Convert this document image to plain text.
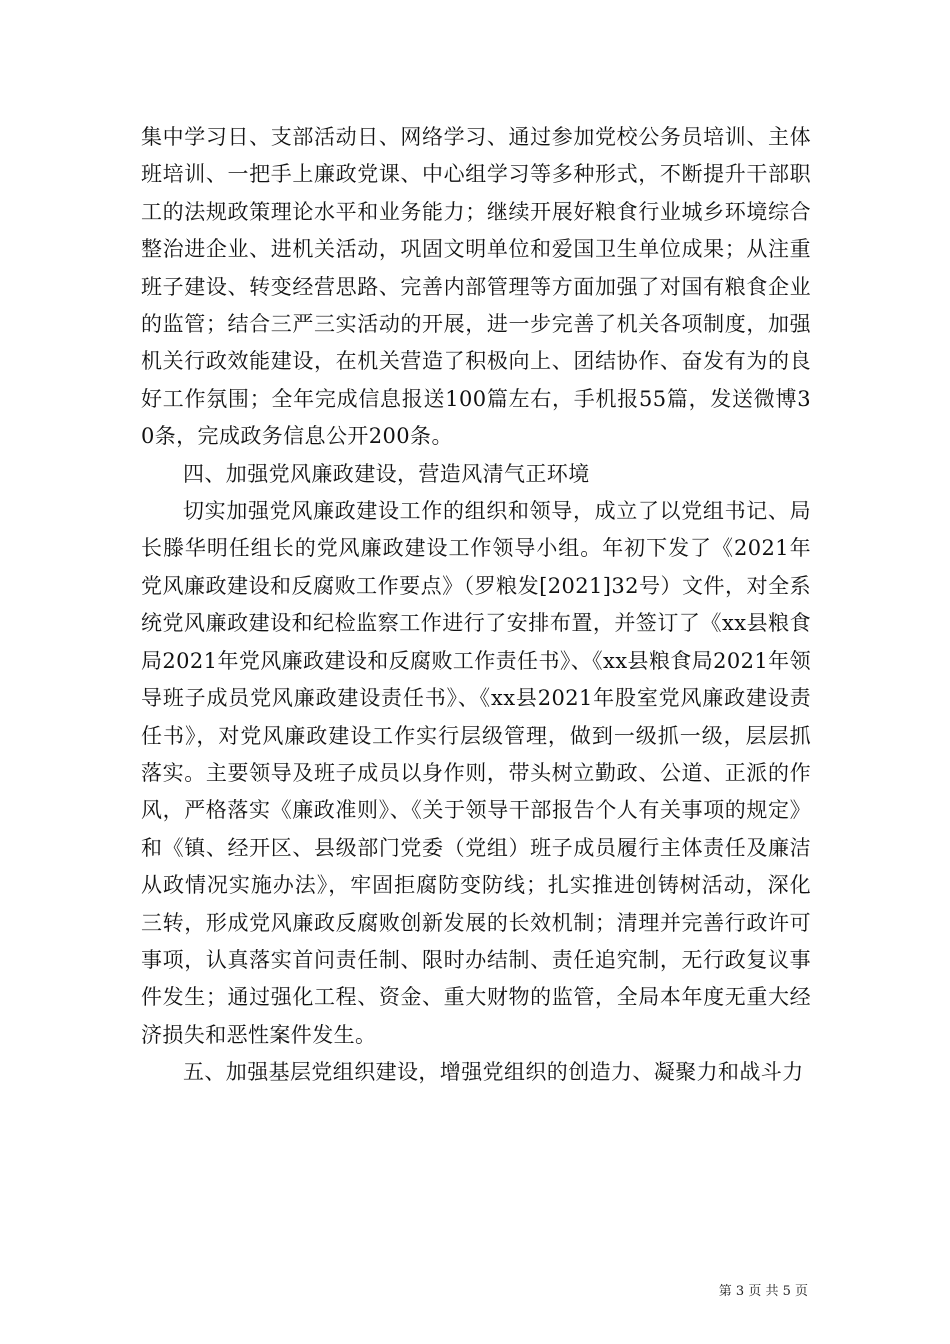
集中学习日、支部活动日、网络学习、通过参加党校公务员培训、主体班培训、一把手上廉政党课、中心组学习等多种形式，不断提升干部职工的法规政策理论水平和业务能力；继续开展好粮食行业城乡环境综合整治进企业、进机关活动，巩固文明单位和爱国卫生单位成果；从注重班子建设、转变经营思路、完善内部管理等方面加强了对国有粮食企业的监管；结合三严三实活动的开展，进一步完善了机关各项制度，加强机关行政效能建设，在机关营造了积极向上、团结协作、奋发有为的良好工作氛围；全年完成信息报送100篇左右，手机报55篇，发送微博30条，完成政务信息公开200条。

四、加强党风廉政建设，营造风清气正环境

切实加强党风廉政建设工作的组织和领导，成立了以党组书记、局长滕华明任组长的党风廉政建设工作领导小组。年初下发了《2021年党风廉政建设和反腐败工作要点》（罗粮发[2021]32号）文件，对全系统党风廉政建设和纪检监察工作进行了安排布置，并签订了《xx县粮食局2021年党风廉政建设和反腐败工作责任书》、《xx县粮食局2021年领导班子成员党风廉政建设责任书》、《xx县2021年股室党风廉政建设责任书》，对党风廉政建设工作实行层级管理，做到一级抓一级，层层抓落实。主要领导及班子成员以身作则，带头树立勤政、公道、正派的作风，严格落实《廉政准则》、《关于领导干部报告个人有关事项的规定》和《镇、经开区、县级部门党委（党组）班子成员履行主体责任及廉洁从政情况实施办法》，牢固拒腐防变防线；扎实推进创铸树活动，深化三转，形成党风廉政反腐败创新发展的长效机制；清理并完善行政许可事项，认真落实首问责任制、限时办结制、责任追究制，无行政复议事件发生；通过强化工程、资金、重大财物的监管，全局本年度无重大经济损失和恶性案件发生。

五、加强基层党组织建设，增强党组织的创造力、凝聚力和战斗力

第 3 页 共 5 页
